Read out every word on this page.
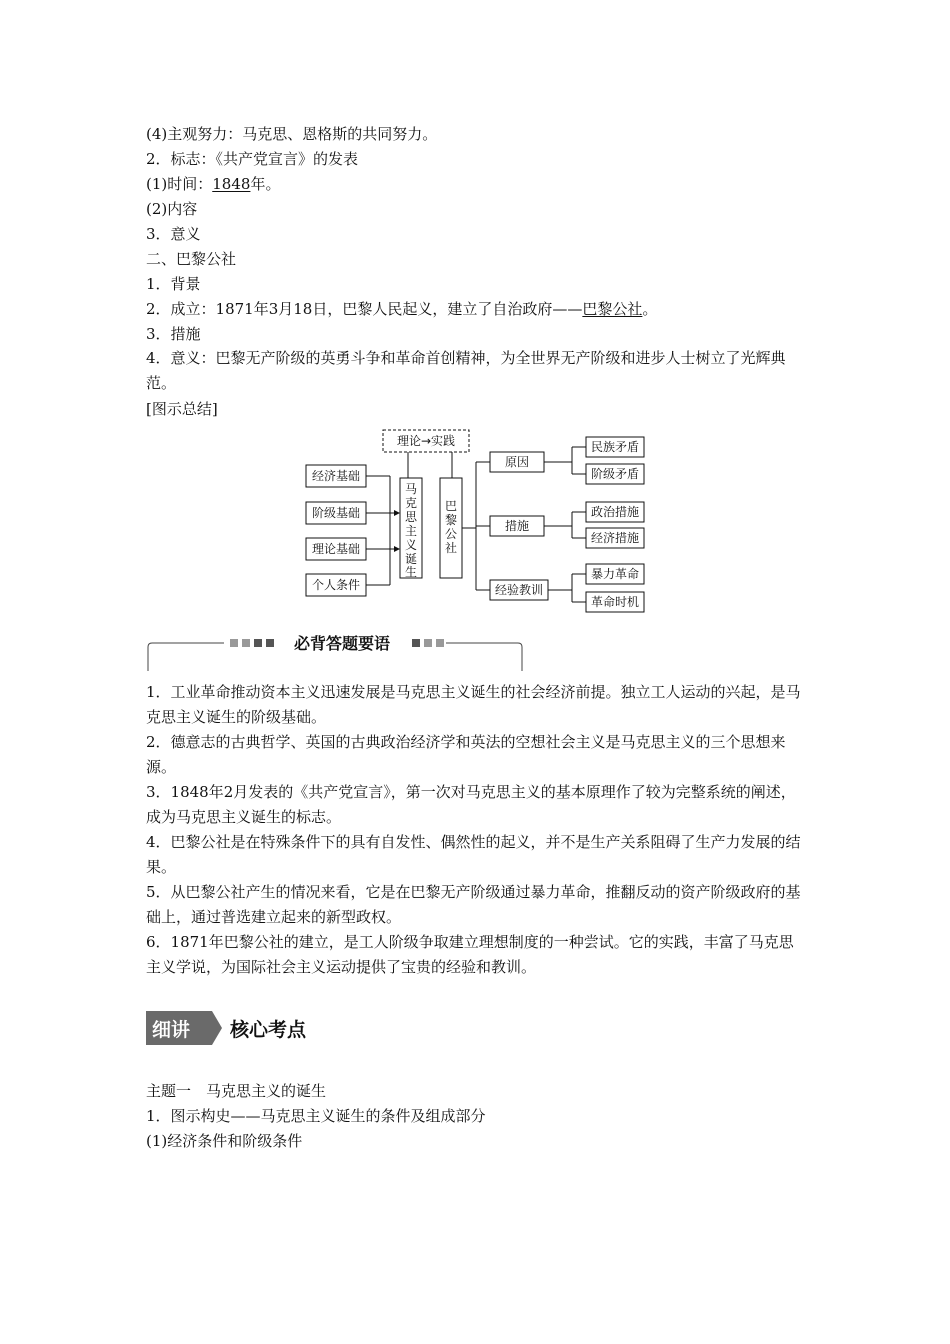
(4)主观努力：马克思、恩格斯的共同努力。
2．标志：《共产党宣言》的发表
(1)时间：1848年。
(2)内容
3．意义
二、巴黎公社
1．背景
2．成立：1871年3月18日，巴黎人民起义，建立了自治政府——巴黎公社。
3．措施

4．意义：巴黎无产阶级的英勇斗争和革命首创精神，为全世界无产阶级和进步人士树立了光辉典范。

[图示总结]
理论→实践
经济基础
阶级基础
理论基础
个人条件
马
克
思
主
义
诞
生
巴
黎
公
社
原因
措施
经验教训
民族矛盾
阶级矛盾
政治措施
经济措施
暴力革命
革命时机
必背答题要语

1．工业革命推动资本主义迅速发展是马克思主义诞生的社会经济前提。独立工人运动的兴起，是马克思主义诞生的阶级基础。

2．德意志的古典哲学、英国的古典政治经济学和英法的空想社会主义是马克思主义的三个思想来源。

3．1848年2月发表的《共产党宣言》，第一次对马克思主义的基本原理作了较为完整系统的阐述，成为马克思主义诞生的标志。

4．巴黎公社是在特殊条件下的具有自发性、偶然性的起义，并不是生产关系阻碍了生产力发展的结果。

5．从巴黎公社产生的情况来看，它是在巴黎无产阶级通过暴力革命，推翻反动的资产阶级政府的基础上，通过普选建立起来的新型政权。

6．1871年巴黎公社的建立，是工人阶级争取建立理想制度的一种尝试。它的实践，丰富了马克思主义学说，为国际社会主义运动提供了宝贵的经验和教训。

细讲 核心考点
主题一　马克思主义的诞生
1．图示构史——马克思主义诞生的条件及组成部分
(1)经济条件和阶级条件
